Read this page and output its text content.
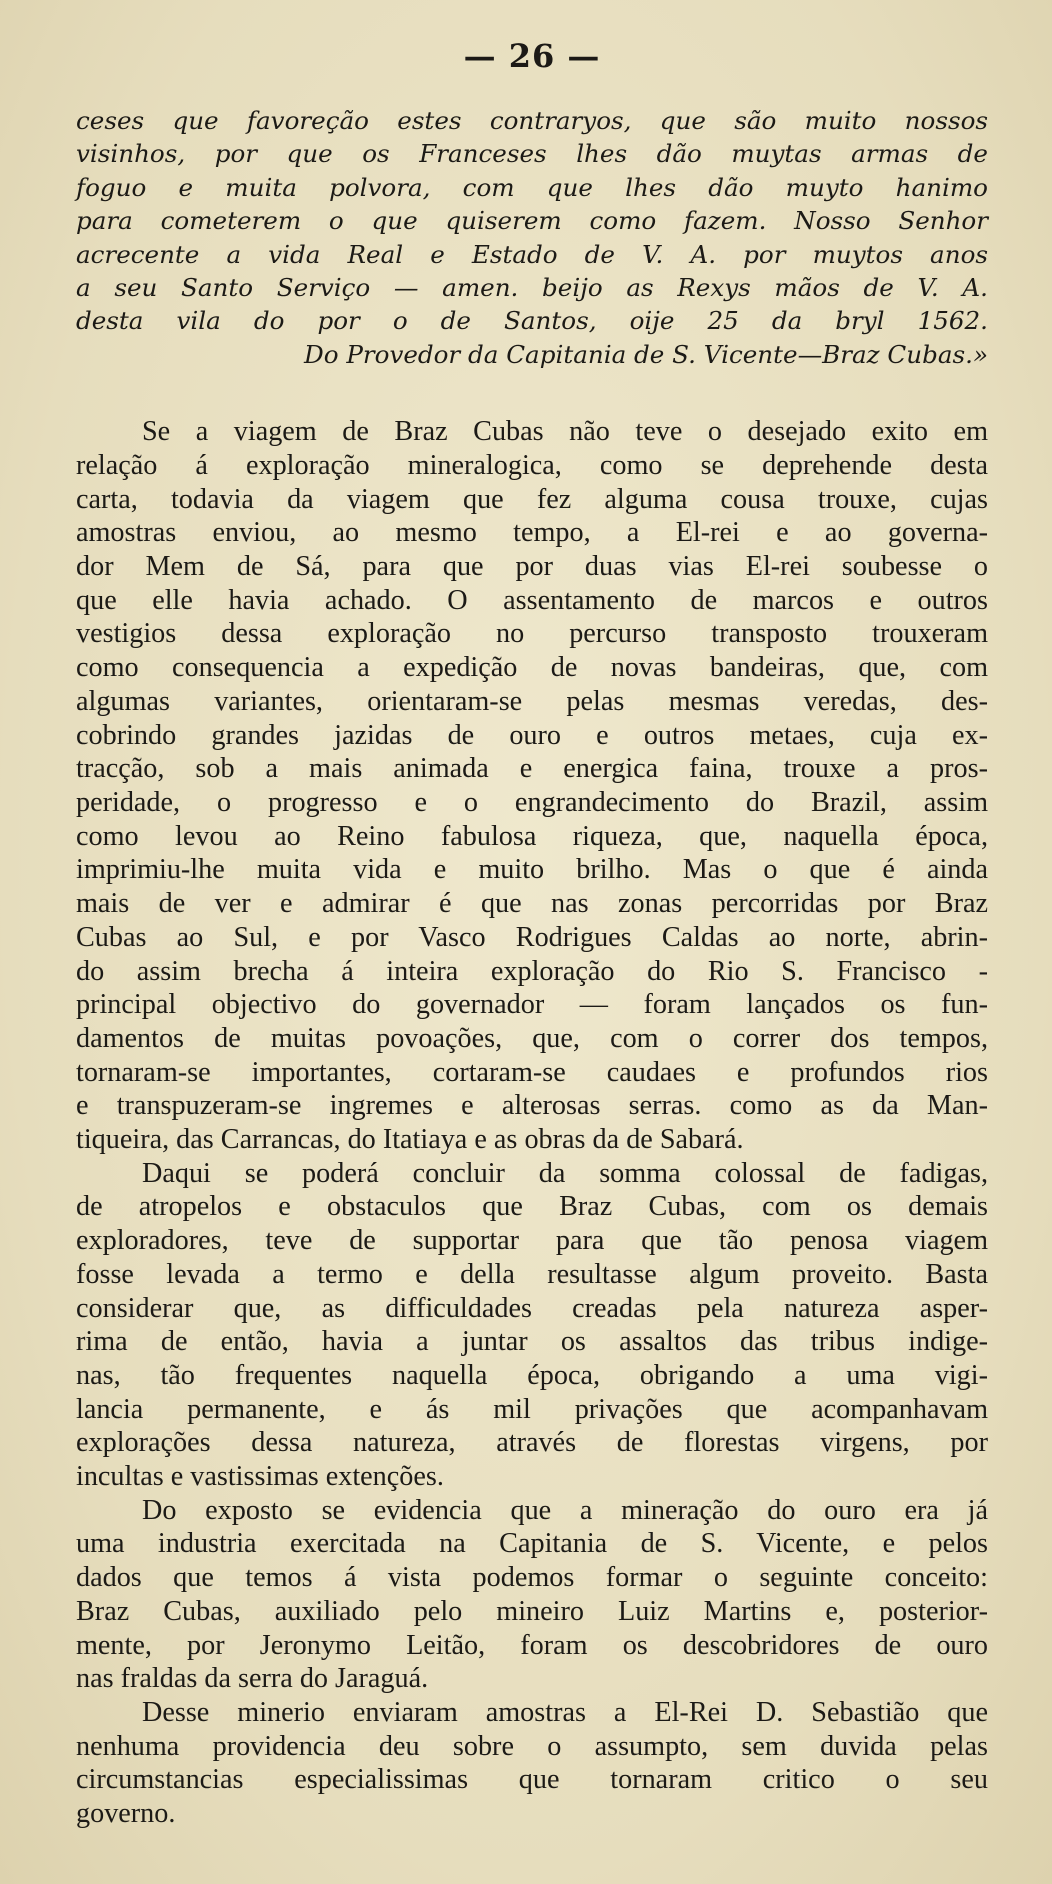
— 26 —
ceses que favoreção estes contraryos, que são muito nossos
visinhos, por que os Franceses lhes dão muytas armas de
foguo e muita polvora, com que lhes dão muyto hanimo
para cometerem o que quiserem como fazem. Nosso Senhor
acrecente a vida Real e Estado de V. A. por muytos anos
a seu Santo Serviço — amen. beijo as Rexys mãos de V. A.
desta vila do por o de Santos, oije 25 da bryl 1562.
Do Provedor da Capitania de S. Vicente—Braz Cubas.»
Se a viagem de Braz Cubas não teve o desejado exito em
relação á exploração mineralogica, como se deprehende desta
carta, todavia da viagem que fez alguma cousa trouxe, cujas
amostras enviou, ao mesmo tempo, a El-rei e ao governa-
dor Mem de Sá, para que por duas vias El-rei soubesse o
que elle havia achado. O assentamento de marcos e outros
vestigios dessa exploração no percurso transposto trouxeram
como consequencia a expedição de novas bandeiras, que, com
algumas variantes, orientaram-se pelas mesmas veredas, des-
cobrindo grandes jazidas de ouro e outros metaes, cuja ex-
tracção, sob a mais animada e energica faina, trouxe a pros-
peridade, o progresso e o engrandecimento do Brazil, assim
como levou ao Reino fabulosa riqueza, que, naquella época,
imprimiu-lhe muita vida e muito brilho. Mas o que é ainda
mais de ver e admirar é que nas zonas percorridas por Braz
Cubas ao Sul, e por Vasco Rodrigues Caldas ao norte, abrin-
do assim brecha á inteira exploração do Rio S. Francisco -
principal objectivo do governador — foram lançados os fun-
damentos de muitas povoações, que, com o correr dos tempos,
tornaram-se importantes, cortaram-se caudaes e profundos rios
e transpuzeram-se ingremes e alterosas serras. como as da Man-
tiqueira, das Carrancas, do Itatiaya e as obras da de Sabará.
Daqui se poderá concluir da somma colossal de fadigas,
de atropelos e obstaculos que Braz Cubas, com os demais
exploradores, teve de supportar para que tão penosa viagem
fosse levada a termo e della resultasse algum proveito. Basta
considerar que, as difficuldades creadas pela natureza asper-
rima de então, havia a juntar os assaltos das tribus indige-
nas, tão frequentes naquella época, obrigando a uma vigi-
lancia permanente, e ás mil privações que acompanhavam
explorações dessa natureza, através de florestas virgens, por
incultas e vastissimas extenções.
Do exposto se evidencia que a mineração do ouro era já
uma industria exercitada na Capitania de S. Vicente, e pelos
dados que temos á vista podemos formar o seguinte conceito:
Braz Cubas, auxiliado pelo mineiro Luiz Martins e, posterior-
mente, por Jeronymo Leitão, foram os descobridores de ouro
nas fraldas da serra do Jaraguá.
Desse minerio enviaram amostras a El-Rei D. Sebastião que
nenhuma providencia deu sobre o assumpto, sem duvida pelas
circumstancias especialissimas que tornaram critico o seu
governo.
